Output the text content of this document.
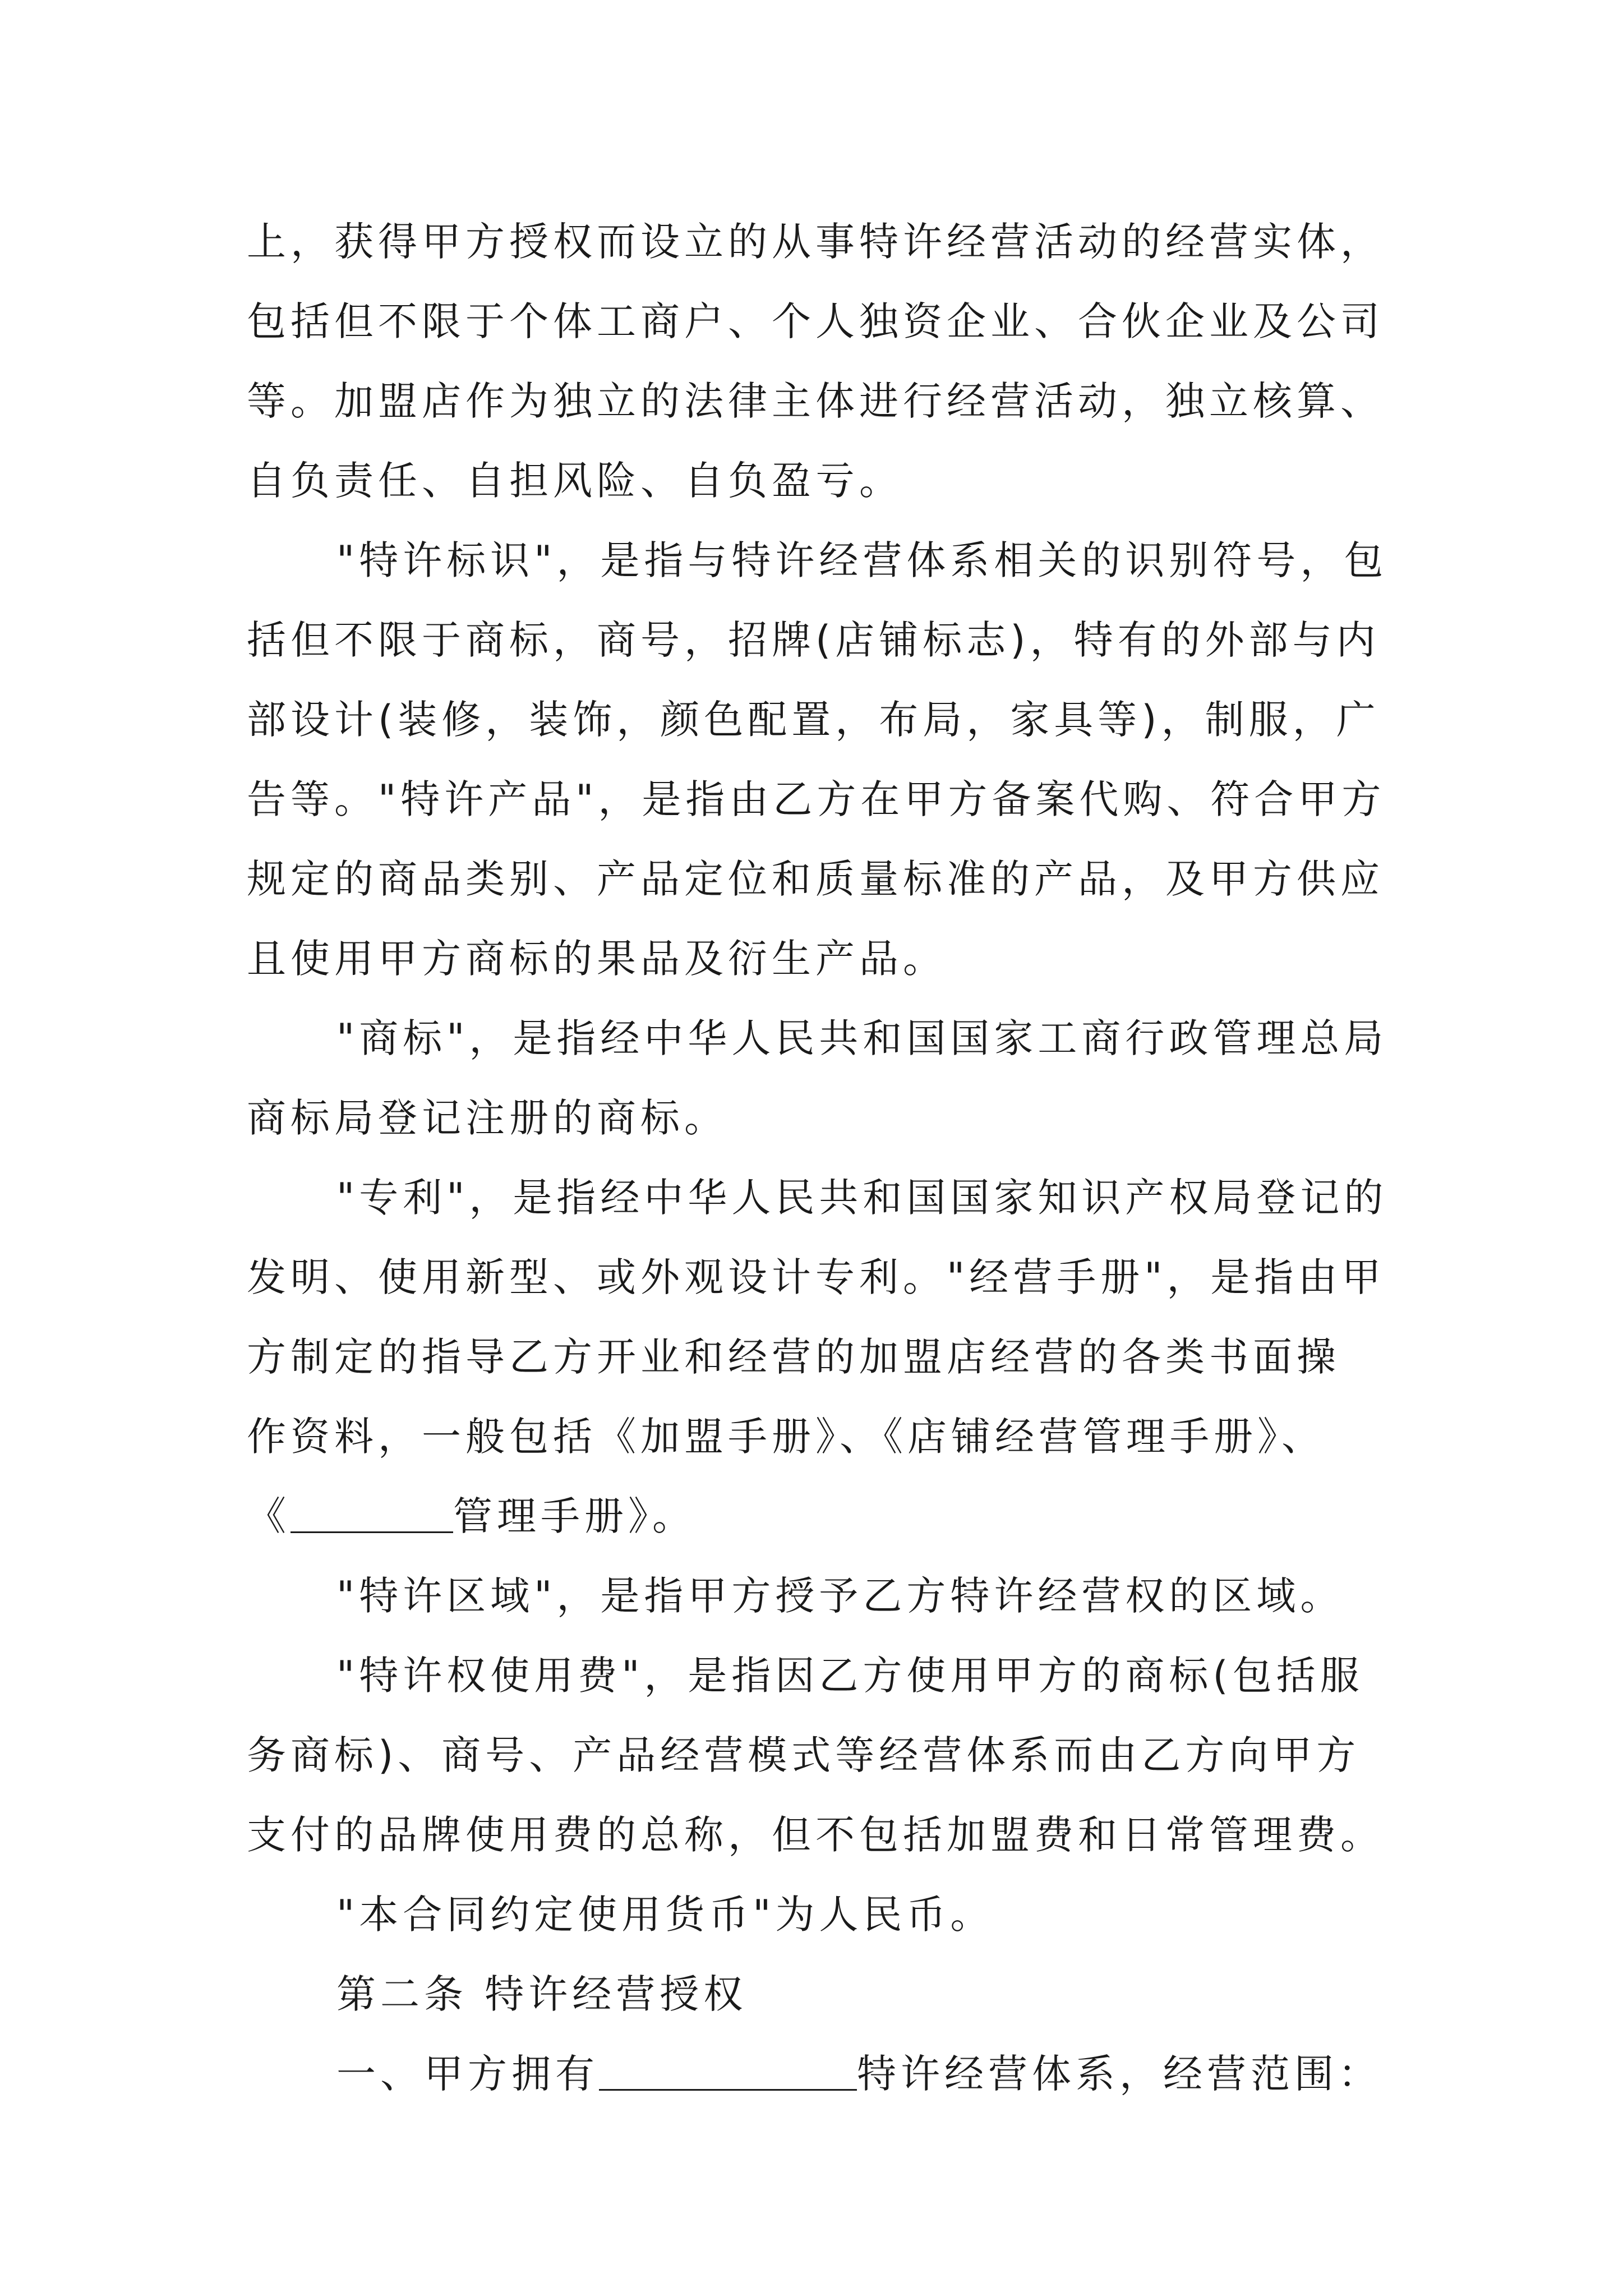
上，获得甲方授权而设立的从事特许经营活动的经营实体，
包括但不限于个体工商户、个人独资企业、合伙企业及公司
等。加盟店作为独立的法律主体进行经营活动，独立核算、
自负责任、自担风险、自负盈亏。
"特许标识"，是指与特许经营体系相关的识别符号，包
括但不限于商标，商号，招牌(店铺标志)，特有的外部与内
部设计(装修，装饰，颜色配置，布局，家具等)，制服，广
告等。"特许产品"，是指由乙方在甲方备案代购、符合甲方
规定的商品类别、产品定位和质量标准的产品，及甲方供应
且使用甲方商标的果品及衍生产品。
"商标"，是指经中华人民共和国国家工商行政管理总局
商标局登记注册的商标。
"专利"，是指经中华人民共和国国家知识产权局登记的
发明、使用新型、或外观设计专利。"经营手册"，是指由甲
方制定的指导乙方开业和经营的加盟店经营的各类书面操
作资料，一般包括《加盟手册》、《店铺经营管理手册》、
《	管理手册》。
"特许区域"，是指甲方授予乙方特许经营权的区域。
"特许权使用费"，是指因乙方使用甲方的商标(包括服
务商标)、商号、产品经营模式等经营体系而由乙方向甲方
支付的品牌使用费的总称，但不包括加盟费和日常管理费。
"本合同约定使用货币"为人民币。
第二条 特许经营授权
一、甲方拥有	特许经营体系，经营范围：
